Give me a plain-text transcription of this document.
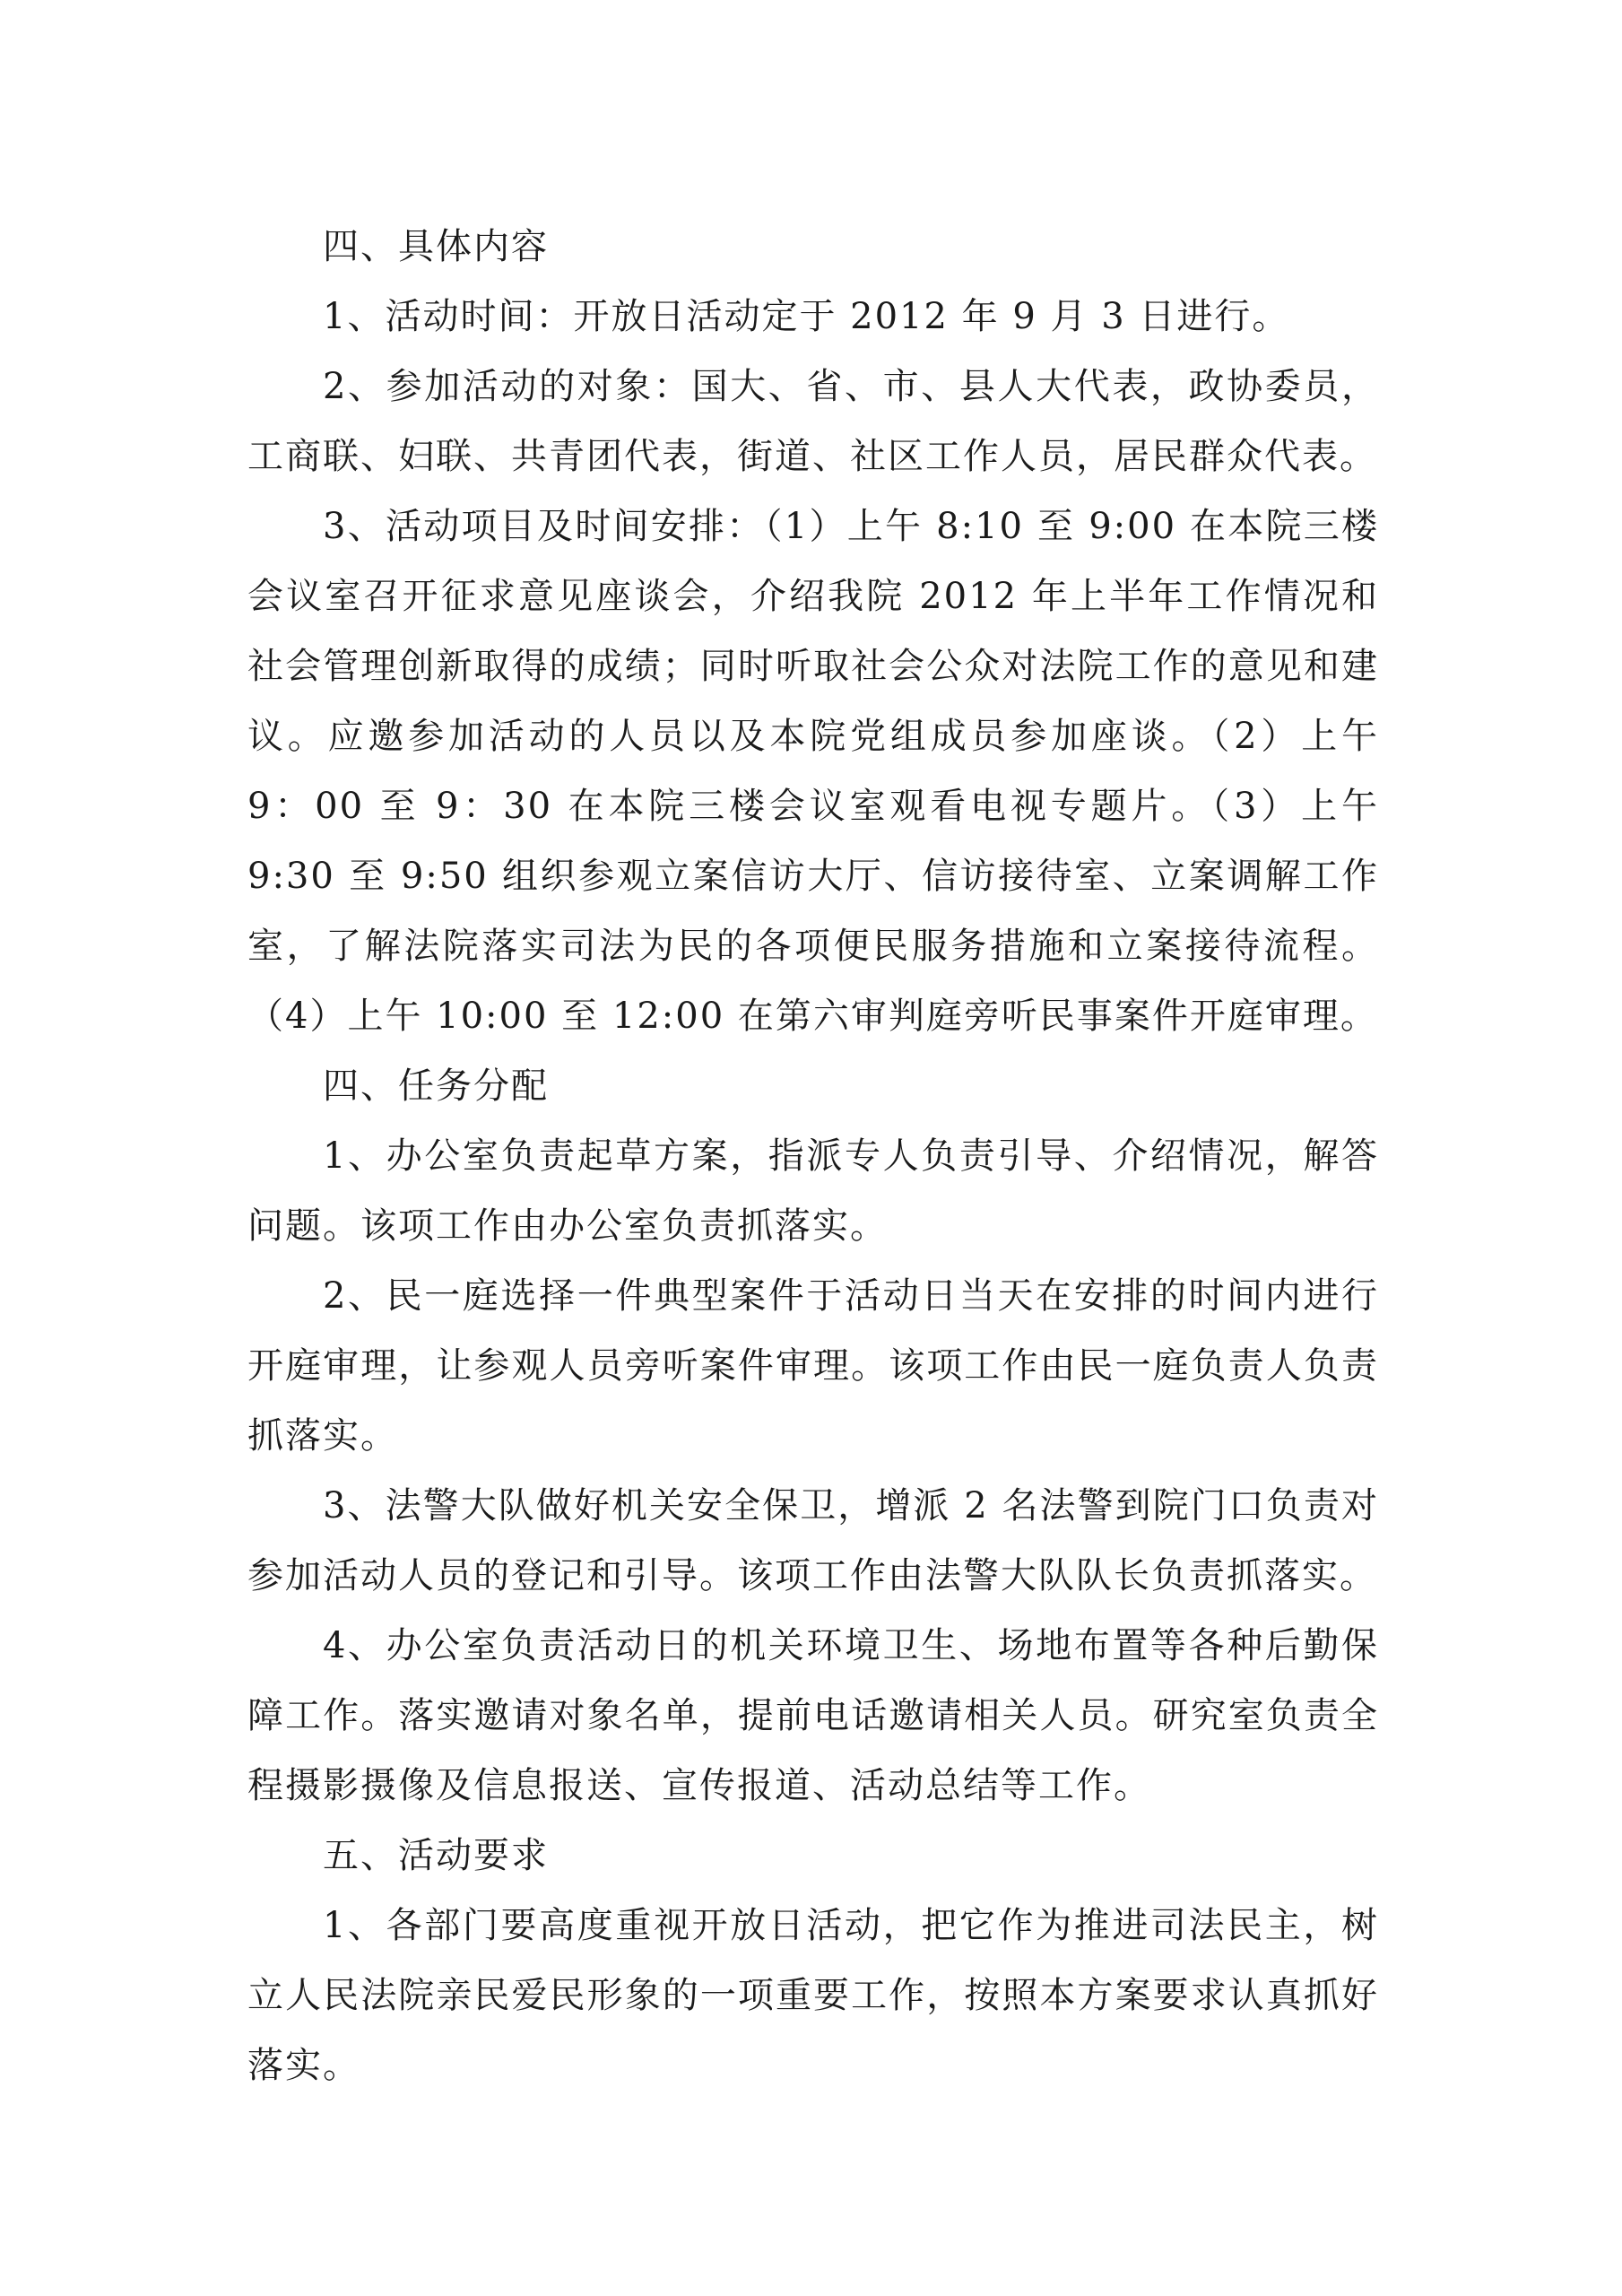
四、具体内容

1、活动时间：开放日活动定于 2012 年 9 月 3 日进行。

2、参加活动的对象：国大、省、市、县人大代表，政协委员，工商联、妇联、共青团代表，街道、社区工作人员，居民群众代表。

3、活动项目及时间安排：（1）上午 8:10 至 9:00 在本院三楼会议室召开征求意见座谈会，介绍我院 2012 年上半年工作情况和社会管理创新取得的成绩；同时听取社会公众对法院工作的意见和建议。应邀参加活动的人员以及本院党组成员参加座谈。（2）上午 9：00 至 9：30 在本院三楼会议室观看电视专题片。（3）上午 9:30 至 9:50 组织参观立案信访大厅、信访接待室、立案调解工作室，了解法院落实司法为民的各项便民服务措施和立案接待流程。（4）上午 10:00 至 12:00 在第六审判庭旁听民事案件开庭审理。

四、任务分配

1、办公室负责起草方案，指派专人负责引导、介绍情况，解答问题。该项工作由办公室负责抓落实。

2、民一庭选择一件典型案件于活动日当天在安排的时间内进行开庭审理，让参观人员旁听案件审理。该项工作由民一庭负责人负责抓落实。

3、法警大队做好机关安全保卫，增派 2 名法警到院门口负责对参加活动人员的登记和引导。该项工作由法警大队队长负责抓落实。

4、办公室负责活动日的机关环境卫生、场地布置等各种后勤保障工作。落实邀请对象名单，提前电话邀请相关人员。研究室负责全程摄影摄像及信息报送、宣传报道、活动总结等工作。

五、活动要求

1、各部门要高度重视开放日活动，把它作为推进司法民主，树立人民法院亲民爱民形象的一项重要工作，按照本方案要求认真抓好落实。
